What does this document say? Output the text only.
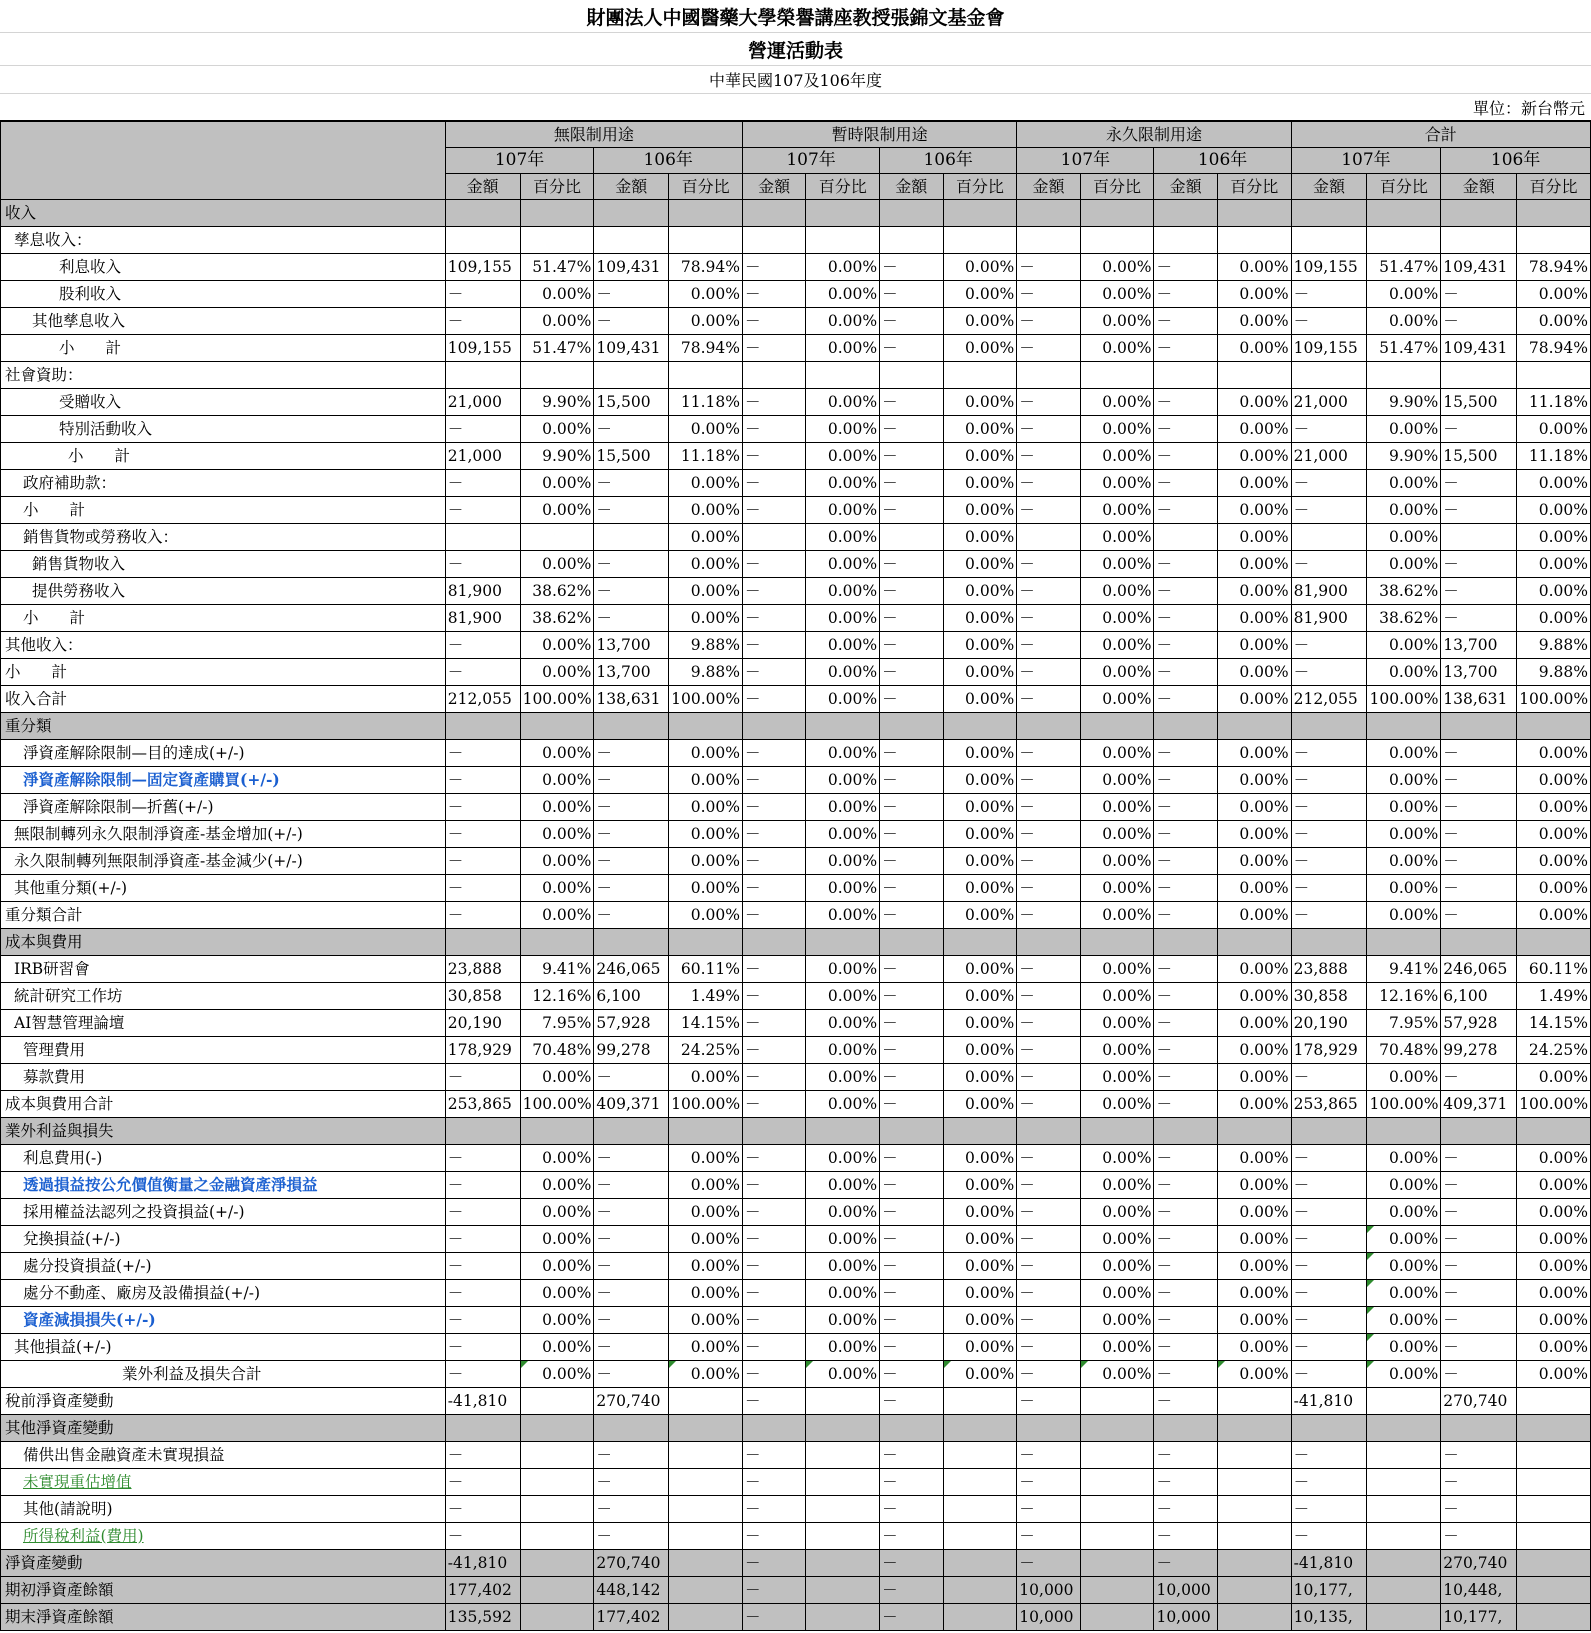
財團法人中國醫藥大學榮譽講座教授張錦文基金會
營運活動表
中華民國107及106年度
單位：新台幣元
	無限制用途				暫時限制用途				永久限制用途				合計			
	107年		106年		107年		106年		107年		106年		107年		106年	
	金額	百分比	金額	百分比	金額	百分比	金額	百分比	金額	百分比	金額	百分比	金額	百分比	金額	百分比
收入																
孳息收入：																
利息收入	109,155	51.47%	109,431	78.94%	－	0.00%	－	0.00%	－	0.00%	－	0.00%	109,155	51.47%	109,431	78.94%
股利收入	－	0.00%	－	0.00%	－	0.00%	－	0.00%	－	0.00%	－	0.00%	－	0.00%	－	0.00%
其他孳息收入	－	0.00%	－	0.00%	－	0.00%	－	0.00%	－	0.00%	－	0.00%	－	0.00%	－	0.00%
小　　計	109,155	51.47%	109,431	78.94%	－	0.00%	－	0.00%	－	0.00%	－	0.00%	109,155	51.47%	109,431	78.94%
社會資助：																
受贈收入	21,000	9.90%	15,500	11.18%	－	0.00%	－	0.00%	－	0.00%	－	0.00%	21,000	9.90%	15,500	11.18%
特別活動收入	－	0.00%	－	0.00%	－	0.00%	－	0.00%	－	0.00%	－	0.00%	－	0.00%	－	0.00%
小　　計	21,000	9.90%	15,500	11.18%	－	0.00%	－	0.00%	－	0.00%	－	0.00%	21,000	9.90%	15,500	11.18%
政府補助款：	－	0.00%	－	0.00%	－	0.00%	－	0.00%	－	0.00%	－	0.00%	－	0.00%	－	0.00%
小　　計	－	0.00%	－	0.00%	－	0.00%	－	0.00%	－	0.00%	－	0.00%	－	0.00%	－	0.00%
銷售貨物或勞務收入：				0.00%		0.00%		0.00%		0.00%		0.00%		0.00%		0.00%
銷售貨物收入	－	0.00%	－	0.00%	－	0.00%	－	0.00%	－	0.00%	－	0.00%	－	0.00%	－	0.00%
提供勞務收入	81,900	38.62%	－	0.00%	－	0.00%	－	0.00%	－	0.00%	－	0.00%	81,900	38.62%	－	0.00%
小　　計	81,900	38.62%	－	0.00%	－	0.00%	－	0.00%	－	0.00%	－	0.00%	81,900	38.62%	－	0.00%
其他收入：	－	0.00%	13,700	9.88%	－	0.00%	－	0.00%	－	0.00%	－	0.00%	－	0.00%	13,700	9.88%
小　　計	－	0.00%	13,700	9.88%	－	0.00%	－	0.00%	－	0.00%	－	0.00%	－	0.00%	13,700	9.88%
收入合計	212,055	100.00%	138,631	100.00%	－	0.00%	－	0.00%	－	0.00%	－	0.00%	212,055	100.00%	138,631	100.00%
重分類																
淨資產解除限制—目的達成(+/-)	－	0.00%	－	0.00%	－	0.00%	－	0.00%	－	0.00%	－	0.00%	－	0.00%	－	0.00%
淨資產解除限制—固定資產購買(+/-)	－	0.00%	－	0.00%	－	0.00%	－	0.00%	－	0.00%	－	0.00%	－	0.00%	－	0.00%
淨資產解除限制—折舊(+/-)	－	0.00%	－	0.00%	－	0.00%	－	0.00%	－	0.00%	－	0.00%	－	0.00%	－	0.00%
無限制轉列永久限制淨資產-基金增加(+/-)	－	0.00%	－	0.00%	－	0.00%	－	0.00%	－	0.00%	－	0.00%	－	0.00%	－	0.00%
永久限制轉列無限制淨資產-基金減少(+/-)	－	0.00%	－	0.00%	－	0.00%	－	0.00%	－	0.00%	－	0.00%	－	0.00%	－	0.00%
其他重分類(+/-)	－	0.00%	－	0.00%	－	0.00%	－	0.00%	－	0.00%	－	0.00%	－	0.00%	－	0.00%
重分類合計	－	0.00%	－	0.00%	－	0.00%	－	0.00%	－	0.00%	－	0.00%	－	0.00%	－	0.00%
成本與費用																
IRB研習會	23,888	9.41%	246,065	60.11%	－	0.00%	－	0.00%	－	0.00%	－	0.00%	23,888	9.41%	246,065	60.11%
統計研究工作坊	30,858	12.16%	6,100	1.49%	－	0.00%	－	0.00%	－	0.00%	－	0.00%	30,858	12.16%	6,100	1.49%
AI智慧管理論壇	20,190	7.95%	57,928	14.15%	－	0.00%	－	0.00%	－	0.00%	－	0.00%	20,190	7.95%	57,928	14.15%
管理費用	178,929	70.48%	99,278	24.25%	－	0.00%	－	0.00%	－	0.00%	－	0.00%	178,929	70.48%	99,278	24.25%
募款費用	－	0.00%	－	0.00%	－	0.00%	－	0.00%	－	0.00%	－	0.00%	－	0.00%	－	0.00%
成本與費用合計	253,865	100.00%	409,371	100.00%	－	0.00%	－	0.00%	－	0.00%	－	0.00%	253,865	100.00%	409,371	100.00%
業外利益與損失																
利息費用(-)	－	0.00%	－	0.00%	－	0.00%	－	0.00%	－	0.00%	－	0.00%	－	0.00%	－	0.00%
透過損益按公允價值衡量之金融資產淨損益	－	0.00%	－	0.00%	－	0.00%	－	0.00%	－	0.00%	－	0.00%	－	0.00%	－	0.00%
採用權益法認列之投資損益(+/-)	－	0.00%	－	0.00%	－	0.00%	－	0.00%	－	0.00%	－	0.00%	－	0.00%	－	0.00%
兌換損益(+/-)	－	0.00%	－	0.00%	－	0.00%	－	0.00%	－	0.00%	－	0.00%	－	0.00%	－	0.00%
處分投資損益(+/-)	－	0.00%	－	0.00%	－	0.00%	－	0.00%	－	0.00%	－	0.00%	－	0.00%	－	0.00%
處分不動產、廠房及設備損益(+/-)	－	0.00%	－	0.00%	－	0.00%	－	0.00%	－	0.00%	－	0.00%	－	0.00%	－	0.00%
資產減損損失(+/-)	－	0.00%	－	0.00%	－	0.00%	－	0.00%	－	0.00%	－	0.00%	－	0.00%	－	0.00%
其他損益(+/-)	－	0.00%	－	0.00%	－	0.00%	－	0.00%	－	0.00%	－	0.00%	－	0.00%	－	0.00%
業外利益及損失合計	－	0.00%	－	0.00%	－	0.00%	－	0.00%	－	0.00%	－	0.00%	－	0.00%	－	0.00%
稅前淨資產變動	-41,810		270,740		－		－		－		－		-41,810		270,740	
其他淨資產變動																
備供出售金融資產未實現損益	－		－		－		－		－		－		－		－	
未實現重估增值	－		－		－		－		－		－		－		－	
其他(請說明)	－		－		－		－		－		－		－		－	
所得稅利益(費用)	－		－		－		－		－		－		－		－	
淨資產變動	-41,810		270,740		－		－		－		－		-41,810		270,740	
期初淨資產餘額	177,402		448,142		－		－		10,000		10,000		10,177,		10,448,	
期末淨資產餘額	135,592		177,402		－		－		10,000		10,000		10,135,		10,177,	
